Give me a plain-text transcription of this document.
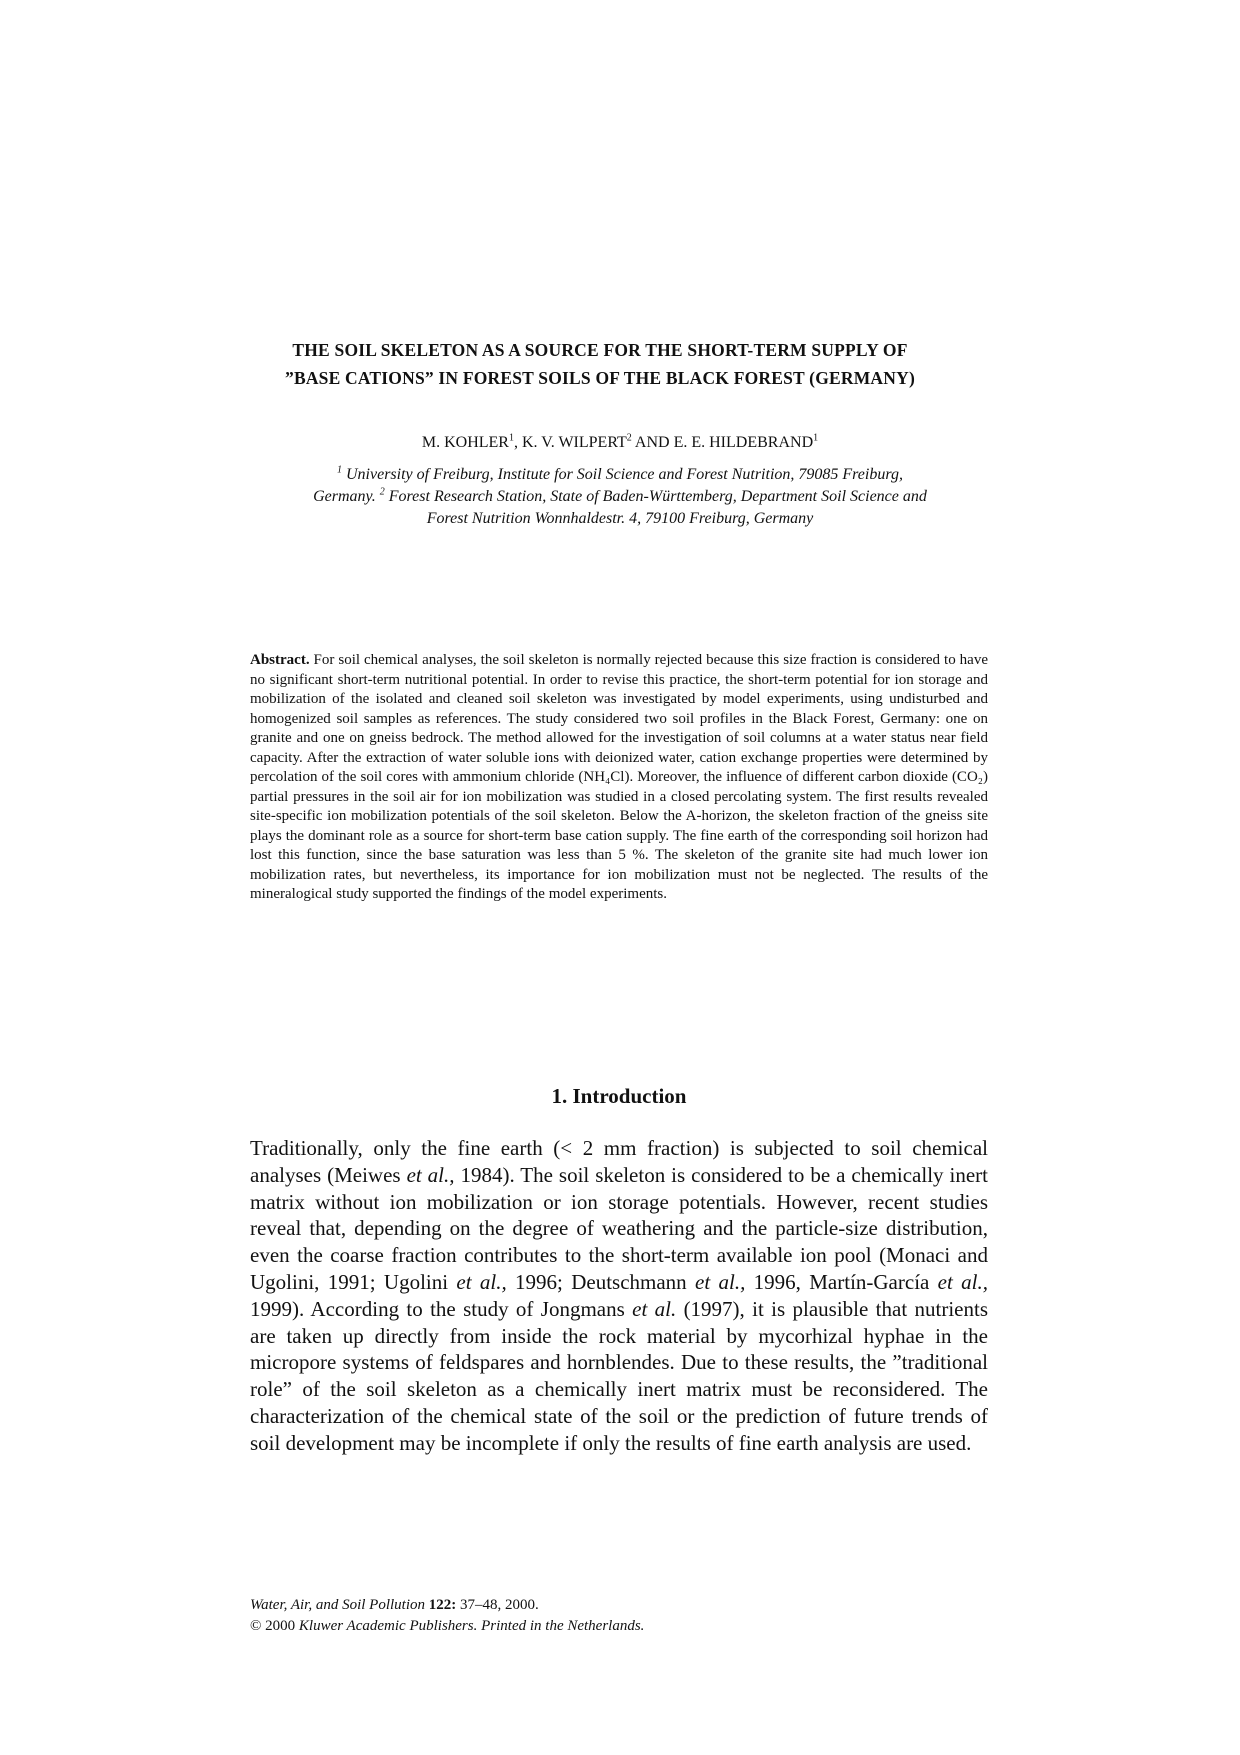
THE SOIL SKELETON AS A SOURCE FOR THE SHORT-TERM SUPPLY OF
”BASE CATIONS” IN FOREST SOILS OF THE BLACK FOREST (GERMANY)
M. KOHLER$^1$, K. V. WILPERT$^2$ AND E. E. HILDEBRAND$^1$
$^1$ University of Freiburg, Institute for Soil Science and Forest Nutrition, 79085 Freiburg,
Germany. $^2$ Forest Research Station, State of Baden-Württemberg, Department Soil Science and
Forest Nutrition Wonnhaldestr. 4, 79100 Freiburg, Germany
Abstract. For soil chemical analyses, the soil skeleton is normally rejected because this size fraction is considered to have no significant short-term nutritional potential. In order to revise this practice, the short-term potential for ion storage and mobilization of the isolated and cleaned soil skeleton was investigated by model experiments, using undisturbed and homogenized soil samples as references. The study considered two soil profiles in the Black Forest, Germany: one on granite and one on gneiss bedrock. The method allowed for the investigation of soil columns at a water status near field capacity. After the extraction of water soluble ions with deionized water, cation exchange properties were determined by percolation of the soil cores with ammonium chloride (NH₄Cl). Moreover, the influence of different carbon dioxide (CO₂) partial pressures in the soil air for ion mobilization was studied in a closed percolating system. The first results revealed site-specific ion mobilization potentials of the soil skeleton. Below the A-horizon, the skeleton fraction of the gneiss site plays the dominant role as a source for short-term base cation supply. The fine earth of the corresponding soil horizon had lost this function, since the base saturation was less than 5 %. The skeleton of the granite site had much lower ion mobilization rates, but nevertheless, its importance for ion mobilization must not be neglected. The results of the mineralogical study supported the findings of the model experiments.
1. Introduction
Traditionally, only the fine earth (< 2 mm fraction) is subjected to soil chemical analyses (Meiwes et al., 1984). The soil skeleton is considered to be a chemically inert matrix without ion mobilization or ion storage potentials. However, recent studies reveal that, depending on the degree of weathering and the particle-size distribution, even the coarse fraction contributes to the short-term available ion pool (Monaci and Ugolini, 1991; Ugolini et al., 1996; Deutschmann et al., 1996, Martín-García et al., 1999). According to the study of Jongmans et al. (1997), it is plausible that nutrients are taken up directly from inside the rock material by mycorhizal hyphae in the micropore systems of feldspares and hornblendes. Due to these results, the ”traditional role” of the soil skeleton as a chemically inert matrix must be reconsidered. The characterization of the chemical state of the soil or the prediction of future trends of soil development may be incomplete if only the results of fine earth analysis are used.
Water, Air, and Soil Pollution 122: 37–48, 2000.
© 2000 Kluwer Academic Publishers. Printed in the Netherlands.
